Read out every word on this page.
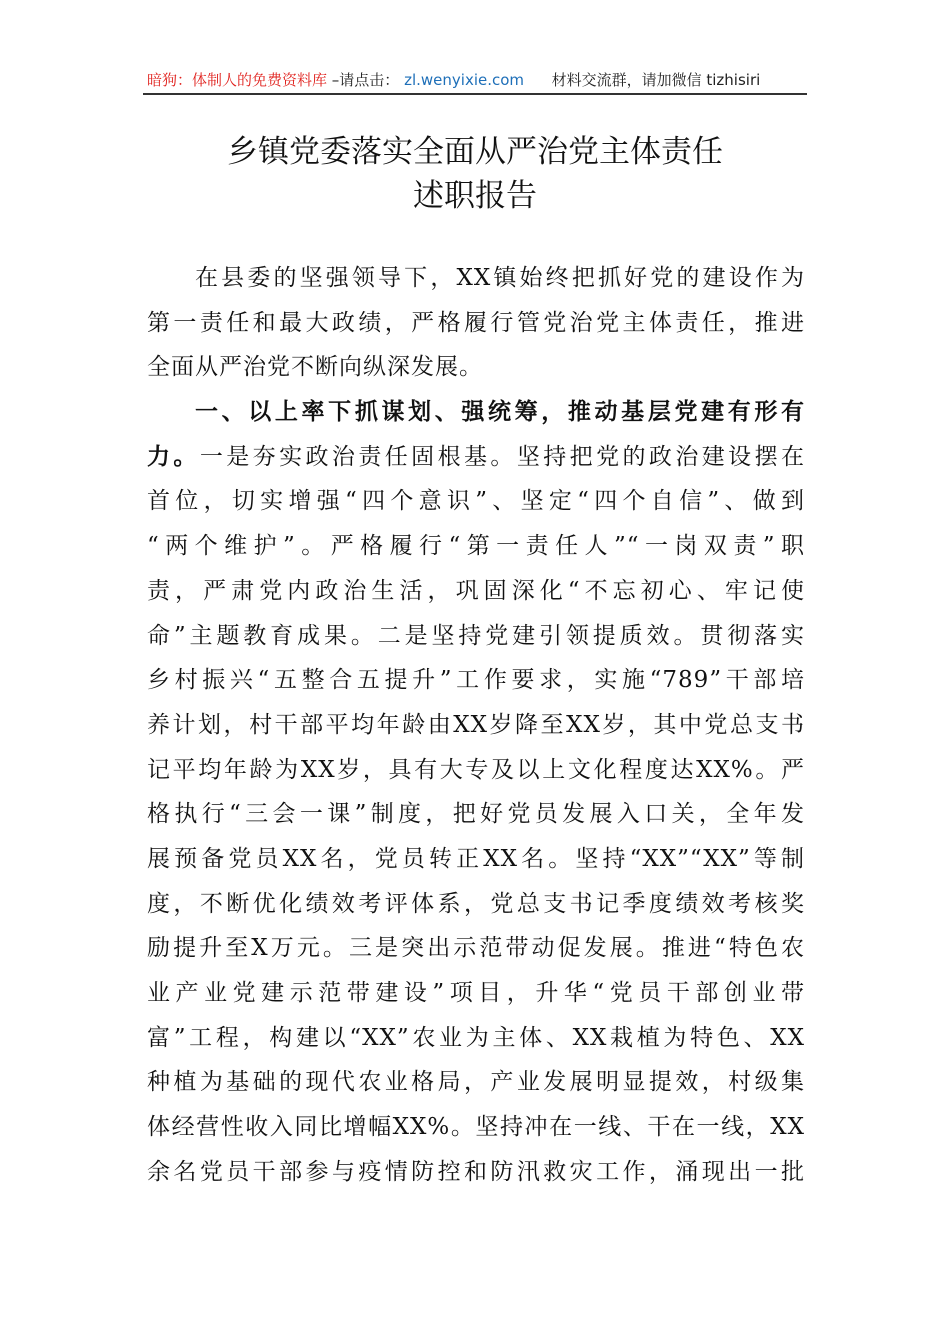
暗狗：体制人的免费资料库 –请点击： zl.wenyixie.com 材料交流群，请加微信 tizhisiri
乡镇党委落实全面从严治党主体责任
述职报告
在县委的坚强领导下，XX镇始终把抓好党的建设作为
第一责任和最大政绩，严格履行管党治党主体责任，推进
全面从严治党不断向纵深发展。
一、以上率下抓谋划、强统筹，推动基层党建有形有
力。一是夯实政治责任固根基。坚持把党的政治建设摆在
首位，切实增强“四个意识”、坚定“四个自信”、做到
“两个维护”。严格履行“第一责任人”“一岗双责”职
责，严肃党内政治生活，巩固深化“不忘初心、牢记使
命”主题教育成果。二是坚持党建引领提质效。贯彻落实
乡村振兴“五整合五提升”工作要求，实施“789”干部培
养计划，村干部平均年龄由XX岁降至XX岁，其中党总支书
记平均年龄为XX岁，具有大专及以上文化程度达XX%。严
格执行“三会一课”制度，把好党员发展入口关，全年发
展预备党员XX名，党员转正XX名。坚持“XX”“XX”等制
度，不断优化绩效考评体系，党总支书记季度绩效考核奖
励提升至X万元。三是突出示范带动促发展。推进“特色农
业产业党建示范带建设”项目，升华“党员干部创业带
富”工程，构建以“XX”农业为主体、XX栽植为特色、XX
种植为基础的现代农业格局，产业发展明显提效，村级集
体经营性收入同比增幅XX%。坚持冲在一线、干在一线，XX
余名党员干部参与疫情防控和防汛救灾工作，涌现出一批
